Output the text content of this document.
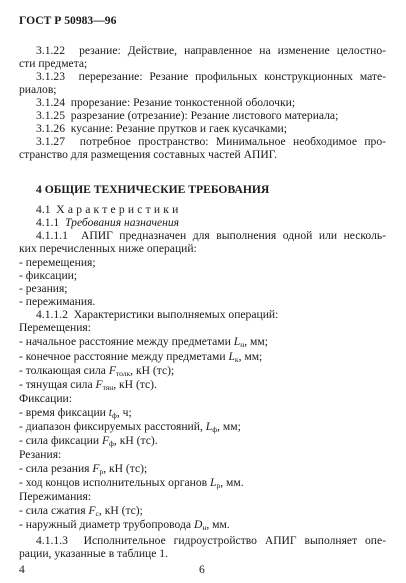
ГОСТ Р 50983—96
3.1.22 резание: Действие, направленное на изменение целостно-
сти предмета;
3.1.23 перерезание: Резание профильных конструкционных мате-
риалов;
3.1.24 прорезание: Резание тонкостенной оболочки;
3.1.25 разрезание (отрезание): Резание листового материала;
3.1.26 кусание: Резание прутков и гаек кусачками;
3.1.27 потребное пространство: Минимальное необходимое про-
странство для размещения составных частей АПИГ.
4 ОБЩИЕ ТЕХНИЧЕСКИЕ ТРЕБОВАНИЯ
4.1 Характеристики
4.1.1 Требования назначения
4.1.1.1 АПИГ предназначен для выполнения одной или несколь-
ких перечисленных ниже операций:
- перемещения;
- фиксации;
- резания;
- пережимания.
4.1.1.2 Характеристики выполняемых операций:
Перемещения:
- начальное расстояние между предметами $L_н$, мм;
- конечное расстояние между предметами $L_к$, мм;
- толкающая сила $F_{толк}$, кН (тс);
- тянущая сила $F_{тян}$, кН (тс).
Фиксации:
- время фиксации $t_ф$, ч;
- диапазон фиксируемых расстояний, $L_ф$, мм;
- сила фиксации $F_ф$, кН (тс).
Резания:
- сила резания $F_р$, кН (тс);
- ход концов исполнительных органов $L_р$, мм.
Пережимания:
- сила сжатия $F_с$, кН (тс);
- наружный диаметр трубопровода $D_н$, мм.
4.1.1.3 Исполнительное гидроустройство АПИГ выполняет опе-
рации, указанные в таблице 1.
4	6
